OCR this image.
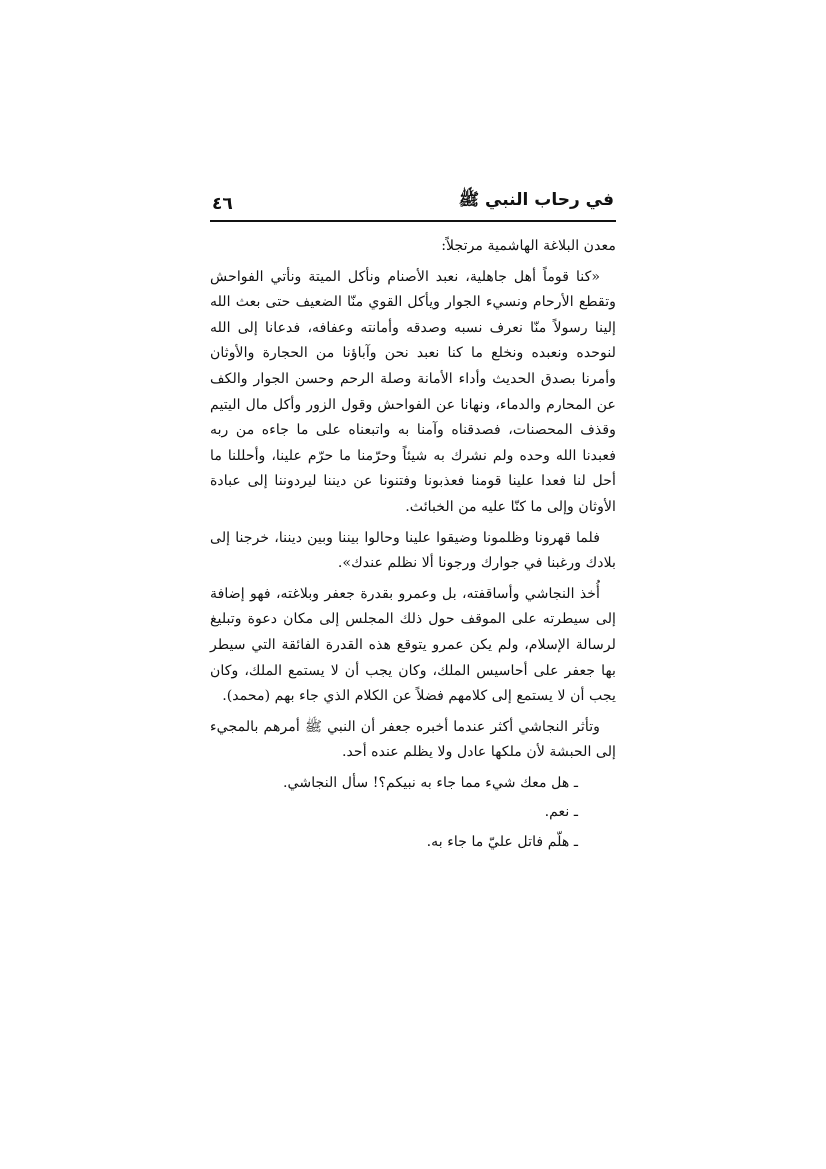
في رحاب النبي ﷺ
٤٦

معدن البلاغة الهاشمية مرتجلاً:

«كنا قوماً أهل جاهلية، نعبد الأصنام ونأكل الميتة ونأتي الفواحش وتقطع الأرحام ونسيء الجوار ويأكل القوي منّا الضعيف حتى بعث الله إلينا رسولاً منّا نعرف نسبه وصدقه وأمانته وعفافه، فدعانا إلى الله لنوحده ونعبده ونخلع ما كنا نعبد نحن وآباؤنا من الحجارة والأوثان وأمرنا بصدق الحديث وأداء الأمانة وصلة الرحم وحسن الجوار والكف عن المحارم والدماء، ونهانا عن الفواحش وقول الزور وأكل مال اليتيم وقذف المحصنات، فصدقناه وآمنا به واتبعناه على ما جاءه من ربه فعبدنا الله وحده ولم نشرك به شيئاً وحرّمنا ما حرّم علينا، وأحللنا ما أحل لنا فعدا علينا قومنا فعذبونا وفتنونا عن ديننا ليردوننا إلى عبادة الأوثان وإلى ما كنّا عليه من الخبائث.

فلما قهرونا وظلمونا وضيقوا علينا وحالوا بيننا وبين ديننا، خرجنا إلى بلادك ورغبنا في جوارك ورجونا ألا نظلم عندك».

أُخذ النجاشي وأساقفته، بل وعمرو بقدرة جعفر وبلاغته، فهو إضافة إلى سيطرته على الموقف حول ذلك المجلس إلى مكان دعوة وتبليغ لرسالة الإسلام، ولم يكن عمرو يتوقع هذه القدرة الفائقة التي سيطر بها جعفر على أحاسيس الملك، وكان يجب أن لا يستمع الملك، وكان يجب أن لا يستمع إلى كلامهم فضلاً عن الكلام الذي جاء بهم (محمد).

وتأثر النجاشي أكثر عندما أخبره جعفر أن النبي ﷺ أمرهم بالمجيء إلى الحبشة لأن ملكها عادل ولا يظلم عنده أحد.

ـ هل معك شيء مما جاء به نبيكم؟! سأل النجاشي.

ـ نعم.

ـ هلّم فاتل عليّ ما جاء به.
